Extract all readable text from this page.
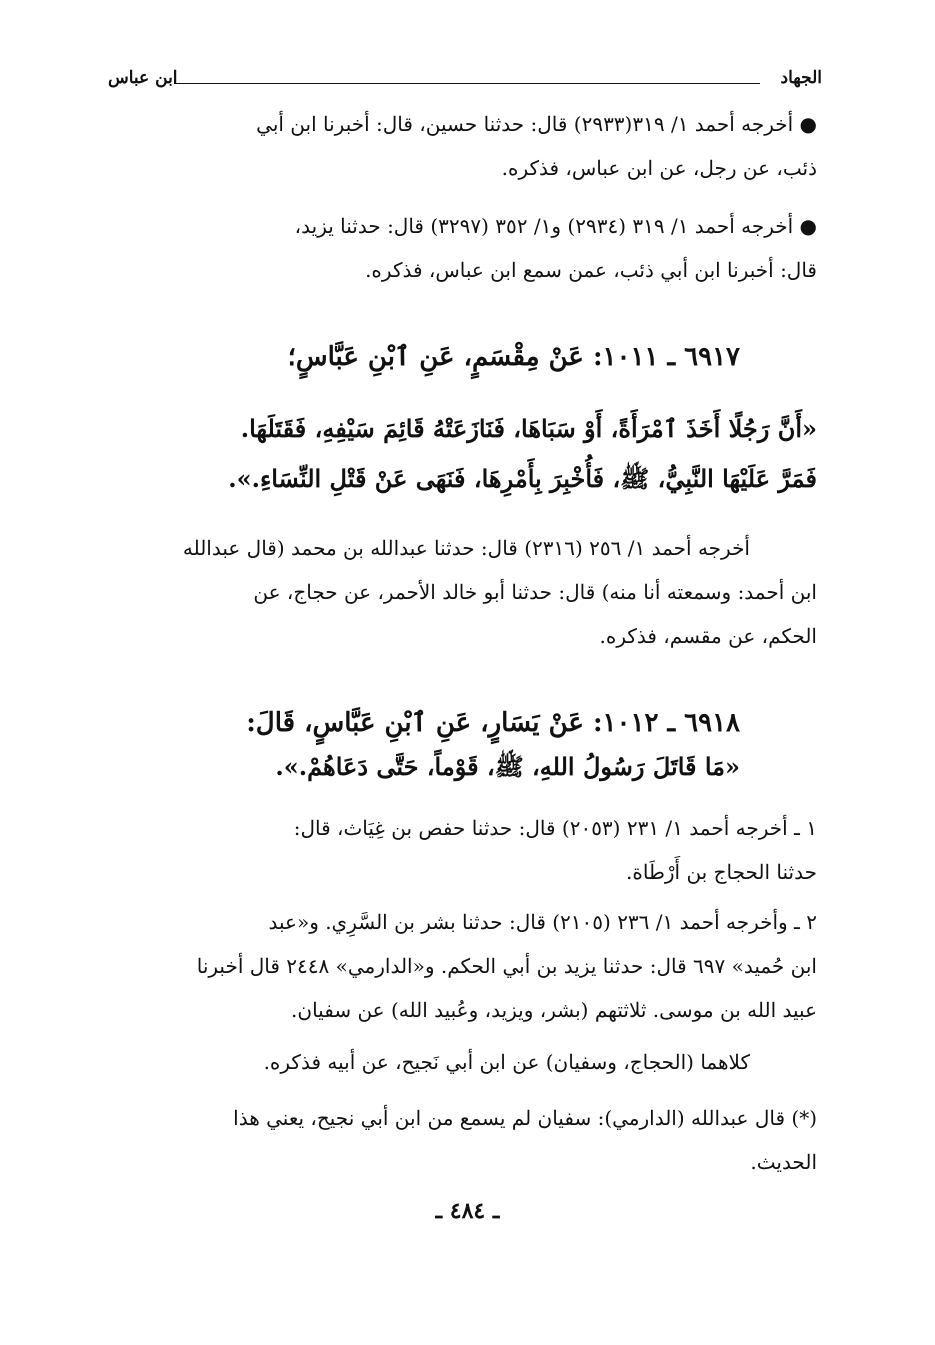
الجهاد
ابن عباس
● أخرجه أحمد ١/ ٣١٩(٢٩٣٣) قال: حدثنا حسين، قال: أخبرنا ابن أبي
ذئب، عن رجل، عن ابن عباس، فذكره.
● أخرجه أحمد ١/ ٣١٩ (٢٩٣٤) و١/ ٣٥٢ (٣٢٩٧) قال: حدثنا يزيد،
قال: أخبرنا ابن أبي ذئب، عمن سمع ابن عباس، فذكره.
٦٩١٧ ـ ١٠١١: عَنْ مِقْسَمٍ، عَنِ ٱبْنِ عَبَّاسٍ؛
«أَنَّ رَجُلًا أَخَذَ ٱمْرَأَةً، أَوْ سَبَاهَا، فَنَازَعَتْهُ قَائِمَ سَيْفِهِ، فَقَتَلَهَا.
فَمَرَّ عَلَيْهَا النَّبِيُّ، ﷺ، فَأُخْبِرَ بِأَمْرِهَا، فَنَهَى عَنْ قَتْلِ النِّسَاءِ.».
أخرجه أحمد ١/ ٢٥٦ (٢٣١٦) قال: حدثنا عبدالله بن محمد (قال عبدالله
ابن أحمد: وسمعته أنا منه) قال: حدثنا أبو خالد الأحمر، عن حجاج، عن
الحكم، عن مقسم، فذكره.
٦٩١٨ ـ ١٠١٢: عَنْ يَسَارٍ، عَنِ ٱبْنِ عَبَّاسٍ، قَالَ:
«مَا قَاتَلَ رَسُولُ اللهِ، ﷺ، قَوْماً، حَتَّى دَعَاهُمْ.».
١ ـ أخرجه أحمد ١/ ٢٣١ (٢٠٥٣) قال: حدثنا حفص بن غِيَاث، قال:
حدثنا الحجاج بن أَرْطَاة.
٢ ـ وأخرجه أحمد ١/ ٢٣٦ (٢١٠٥) قال: حدثنا بشر بن السَّرِي. و«عبد
ابن حُميد» ٦٩٧ قال: حدثنا يزيد بن أبي الحكم. و«الدارمي» ٢٤٤٨ قال أخبرنا
عبيد الله بن موسى. ثلاثتهم (بشر، ويزيد، وعُبيد الله) عن سفيان.
كلاهما (الحجاج، وسفيان) عن ابن أبي نَجيح، عن أبيه فذكره.
(*) قال عبدالله (الدارمي): سفيان لم يسمع من ابن أبي نجيح، يعني هذا
الحديث.
ـ ٤٨٤ ـ
